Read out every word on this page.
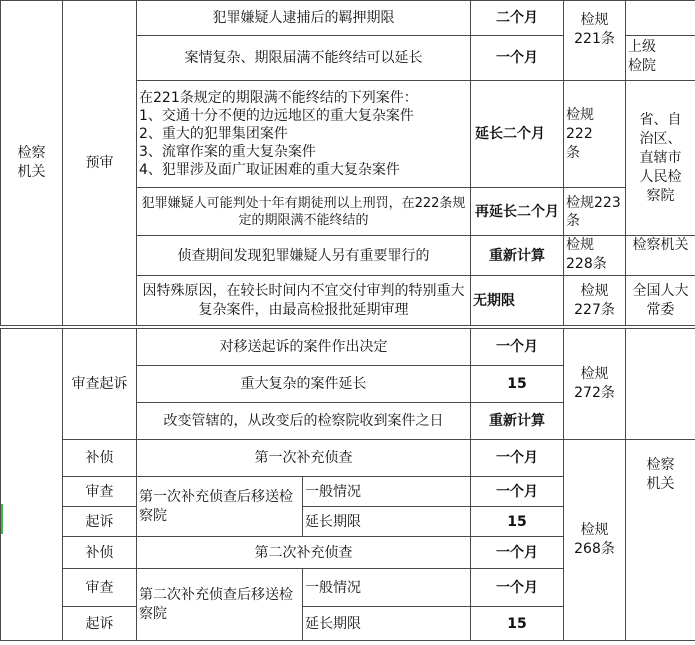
检察机关	预审	犯罪嫌疑人逮捕后的羁押期限	二个月	检规221条	
		案情复杂、期限届满不能终结可以延长	一个月		上级检院

		在221条规定的期限满不能终结的下列案件：
1、交通十分不便的边远地区的重大复杂案件
2、重大的犯罪集团案件
3、流窜作案的重大复杂案件
4、犯罪涉及面广取证困难的重大复杂案件	延长二个月	检规222条	省、自治区、直辖市人民检察院
		犯罪嫌疑人可能判处十年有期徒刑以上刑罚，在222条规定的期限满不能终结的	再延长二个月	检规223条	
		侦查期间发现犯罪嫌疑人另有重要罪行的	重新计算	检规228条	检察机关
		因特殊原因，在较长时间内不宜交付审判的特别重大复杂案件，由最高检报批延期审理	无期限	检规227条	全国人大常委
	审查起诉	对移送起诉的案件作出决定		一个月	检规272条	
		重大复杂的案件延长		15		
		改变管辖的，从改变后的检察院收到案件之日		重新计算		
	补侦	第一次补充侦查		一个月	检规268条	检察机关
	审查	第一次补充侦查后移送检察院	一般情况	一个月		
	起诉		延长期限	15		
	补侦	第二次补充侦查		一个月		
	审查	第二次补充侦查后移送检察院	一般情况	一个月		
	起诉		延长期限	15		
